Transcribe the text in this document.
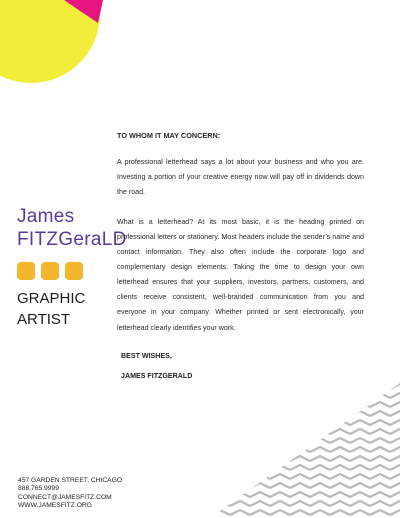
James
FITZGeraLD
GRAPHIC
ARTIST
TO WHOM IT MAY CONCERN:

A professional letterhead says a lot about your business and who you are. Investing a portion of your creative energy now will pay off in dividends down the road.

What is a letterhead? At its most basic, it is the heading printed on professional letters or stationery. Most headers include the sender’s name and contact information. They also often include the corporate logo and complementary design elements. Taking the time to design your own letterhead ensures that your suppliers, investors, partners, customers, and clients receive consistent, well-branded communication from you and everyone in your company. Whether printed or sent electronically, your letterhead clearly identifies your work.

BEST WISHES,
JAMES FITZGERALD
457 GARDEN STREET, CHICAGO
888.765.9999
CONNECT@JAMESFITZ.COM
WWW.JAMESFITZ.ORG
